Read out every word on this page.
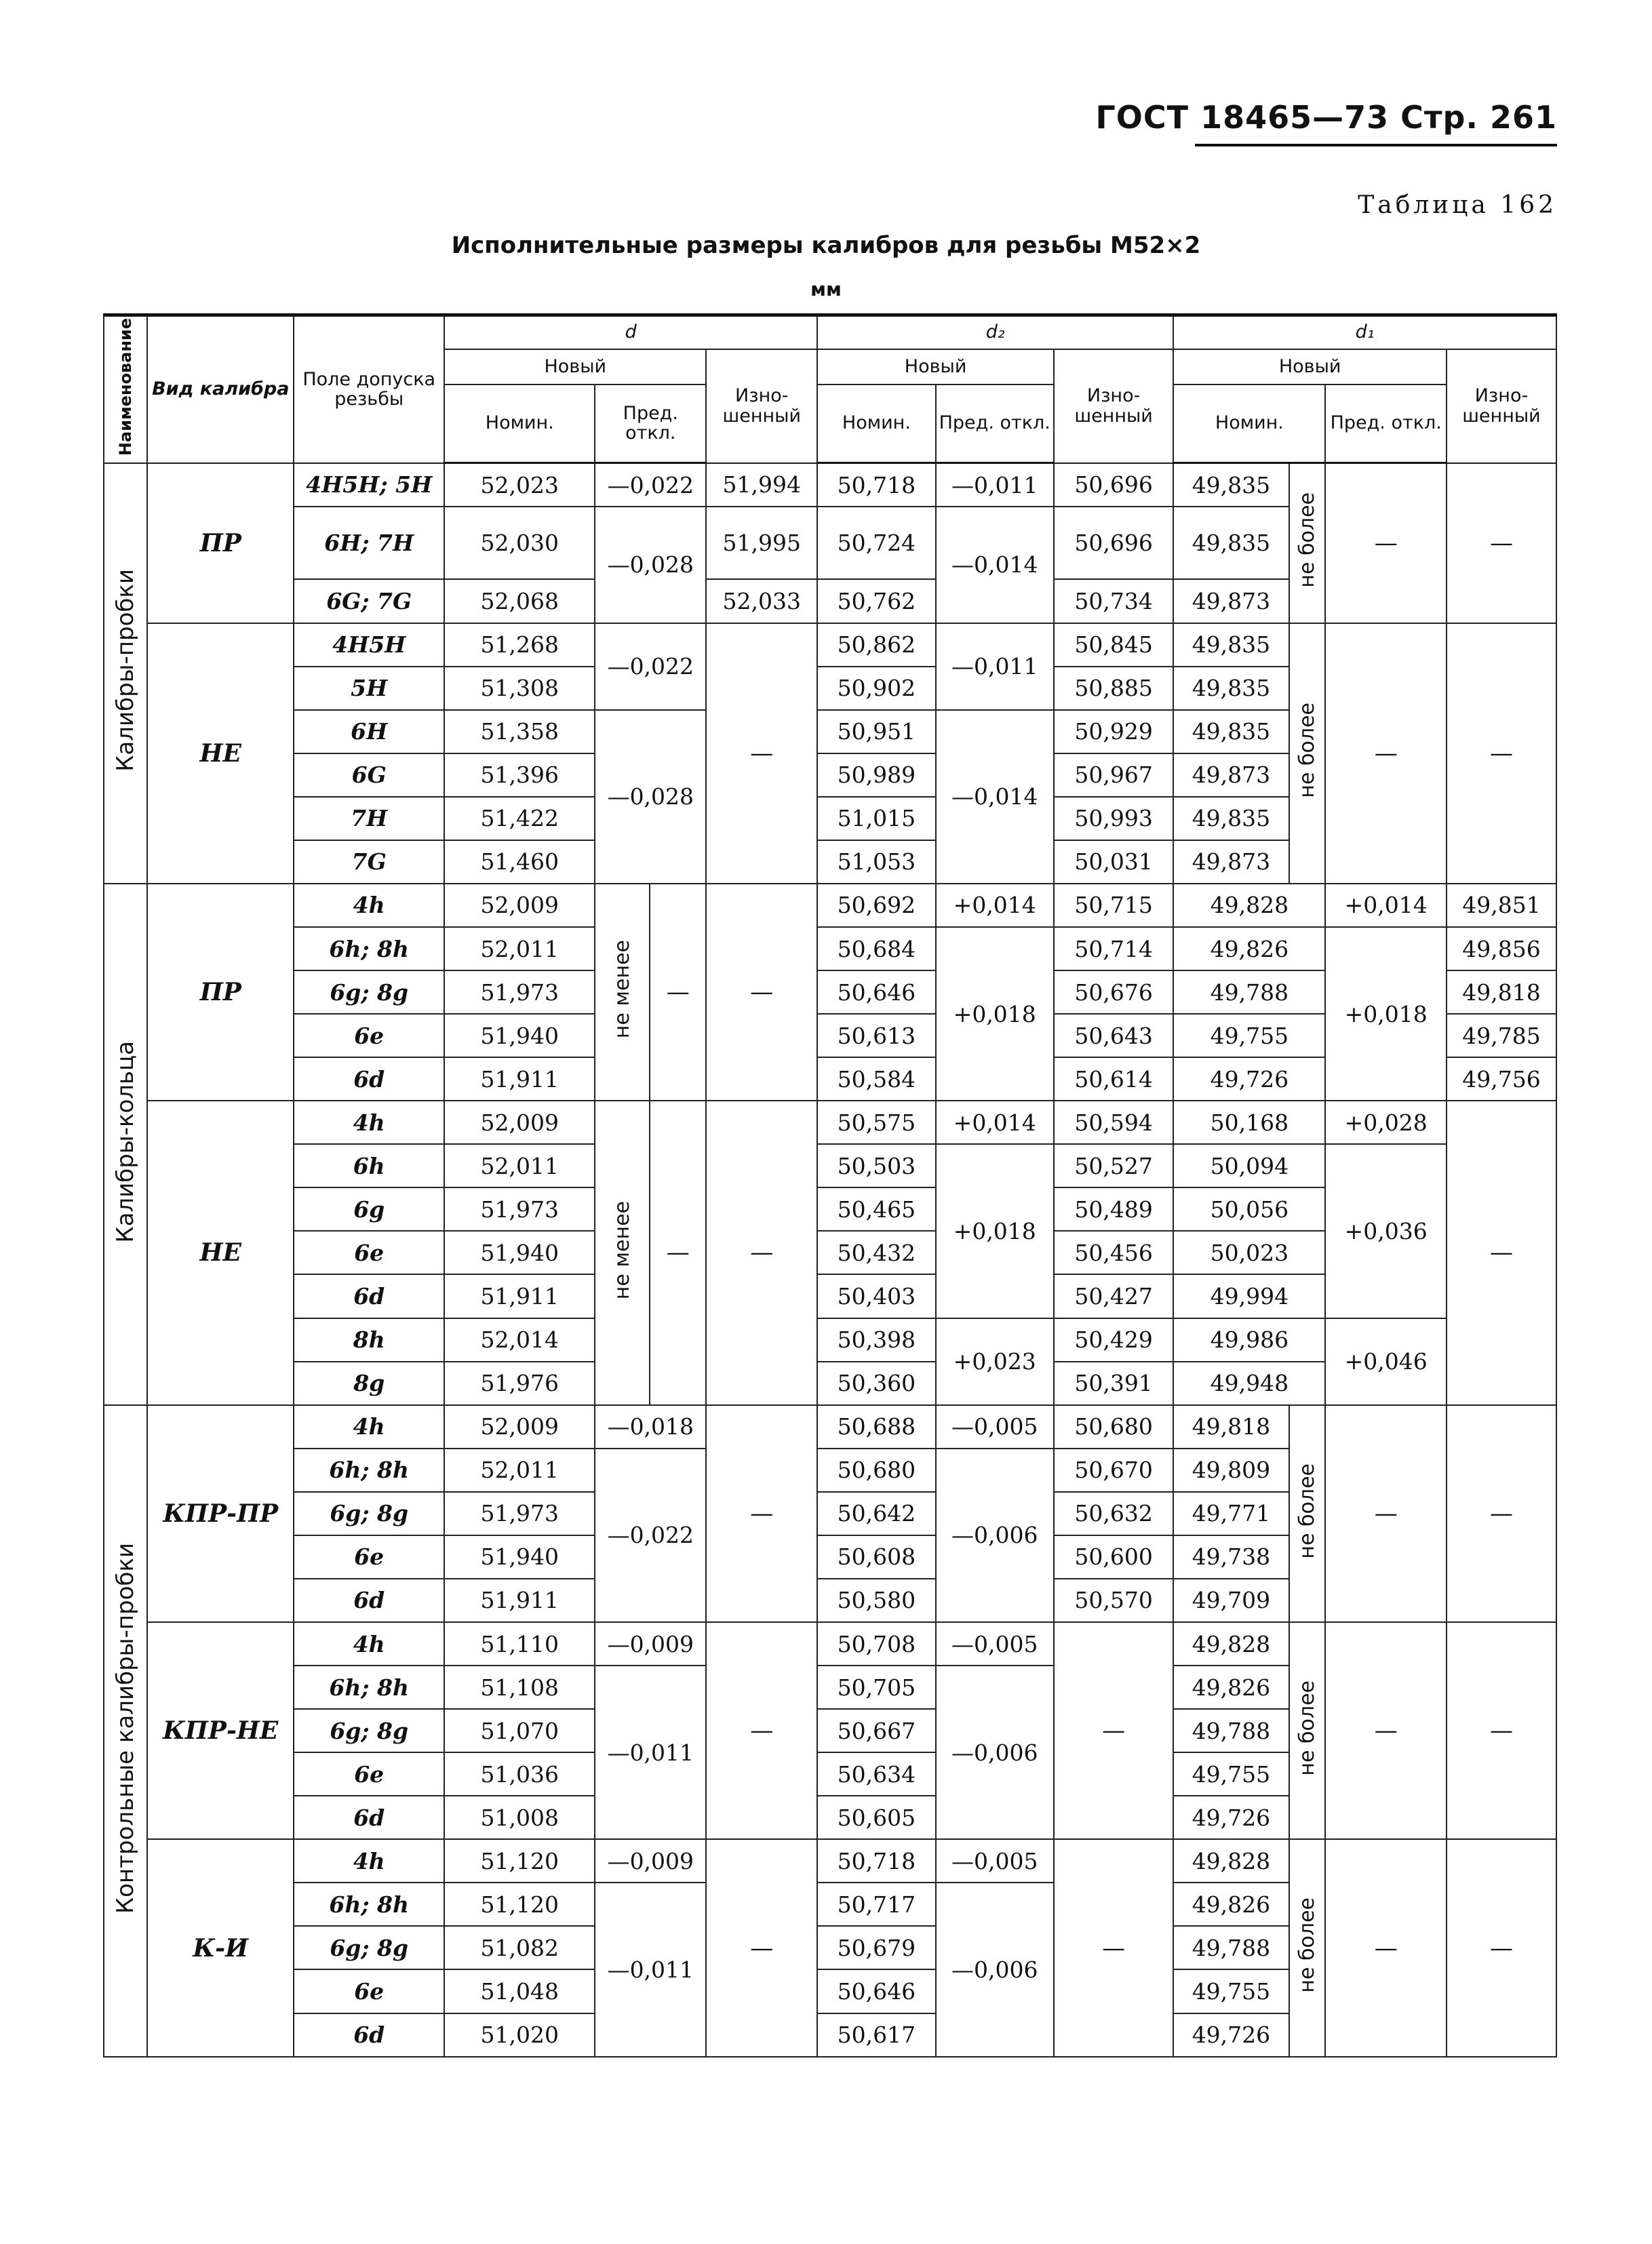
ГОСТ 18465—73 Стр. 261
Таблица 162
Исполнительные размеры калибров для резьбы М52×2
мм
Наименование	Вид калибра	Поле допуска резьбы	d				d₂			d₁			
			Новый			Изно- шенный	Новый		Изно- шенный	Новый			Изно- шенный
			Номин.	Пред. откл.			Номин.	Пред. откл.		Номин.		Пред. откл.	
Калибры-пробки	ПР	4H5H; 5H	52,023	—0,022		51,994	50,718	—0,011	50,696	49,835	не более	—	—
		6H; 7H	52,030	—0,028		51,995	50,724	—0,014	50,696	49,835			
		6G; 7G	52,068			52,033	50,762		50,734	49,873			
	НЕ	4H5H	51,268	—0,022		—	50,862	—0,011	50,845	49,835	не более	—	—
		5H	51,308				50,902		50,885	49,835			
		6H	51,358	—0,028			50,951	—0,014	50,929	49,835			
		6G	51,396				50,989		50,967	49,873			
		7H	51,422				51,015		50,993	49,835			
		7G	51,460				51,053		50,031	49,873			
Калибры-кольца	ПР	4h	52,009	не менее	—	—	50,692	+0,014	50,715	49,828		+0,014	49,851
		6h; 8h	52,011				50,684	+0,018	50,714	49,826		+0,018	49,856
		6g; 8g	51,973				50,646		50,676	49,788			49,818
		6e	51,940				50,613		50,643	49,755			49,785
		6d	51,911				50,584		50,614	49,726			49,756
	НЕ	4h	52,009	не менее	—	—	50,575	+0,014	50,594	50,168		+0,028	—
		6h	52,011				50,503	+0,018	50,527	50,094		+0,036	
		6g	51,973				50,465		50,489	50,056			
		6e	51,940				50,432		50,456	50,023			
		6d	51,911				50,403		50,427	49,994			
		8h	52,014				50,398	+0,023	50,429	49,986		+0,046	
		8g	51,976				50,360		50,391	49,948			
Контрольные калибры-пробки	КПР-ПР	4h	52,009	—0,018		—	50,688	—0,005	50,680	49,818	не более	—	—
		6h; 8h	52,011	—0,022			50,680	—0,006	50,670	49,809			
		6g; 8g	51,973				50,642		50,632	49,771			
		6e	51,940				50,608		50,600	49,738			
		6d	51,911				50,580		50,570	49,709			
	КПР-НЕ	4h	51,110	—0,009		—	50,708	—0,005	—	49,828	не более	—	—
		6h; 8h	51,108	—0,011			50,705	—0,006		49,826			
		6g; 8g	51,070				50,667			49,788			
		6e	51,036				50,634			49,755			
		6d	51,008				50,605			49,726			
	К-И	4h	51,120	—0,009		—	50,718	—0,005	—	49,828	не более	—	—
		6h; 8h	51,120	—0,011			50,717	—0,006		49,826			
		6g; 8g	51,082				50,679			49,788			
		6e	51,048				50,646			49,755			
		6d	51,020				50,617			49,726			
